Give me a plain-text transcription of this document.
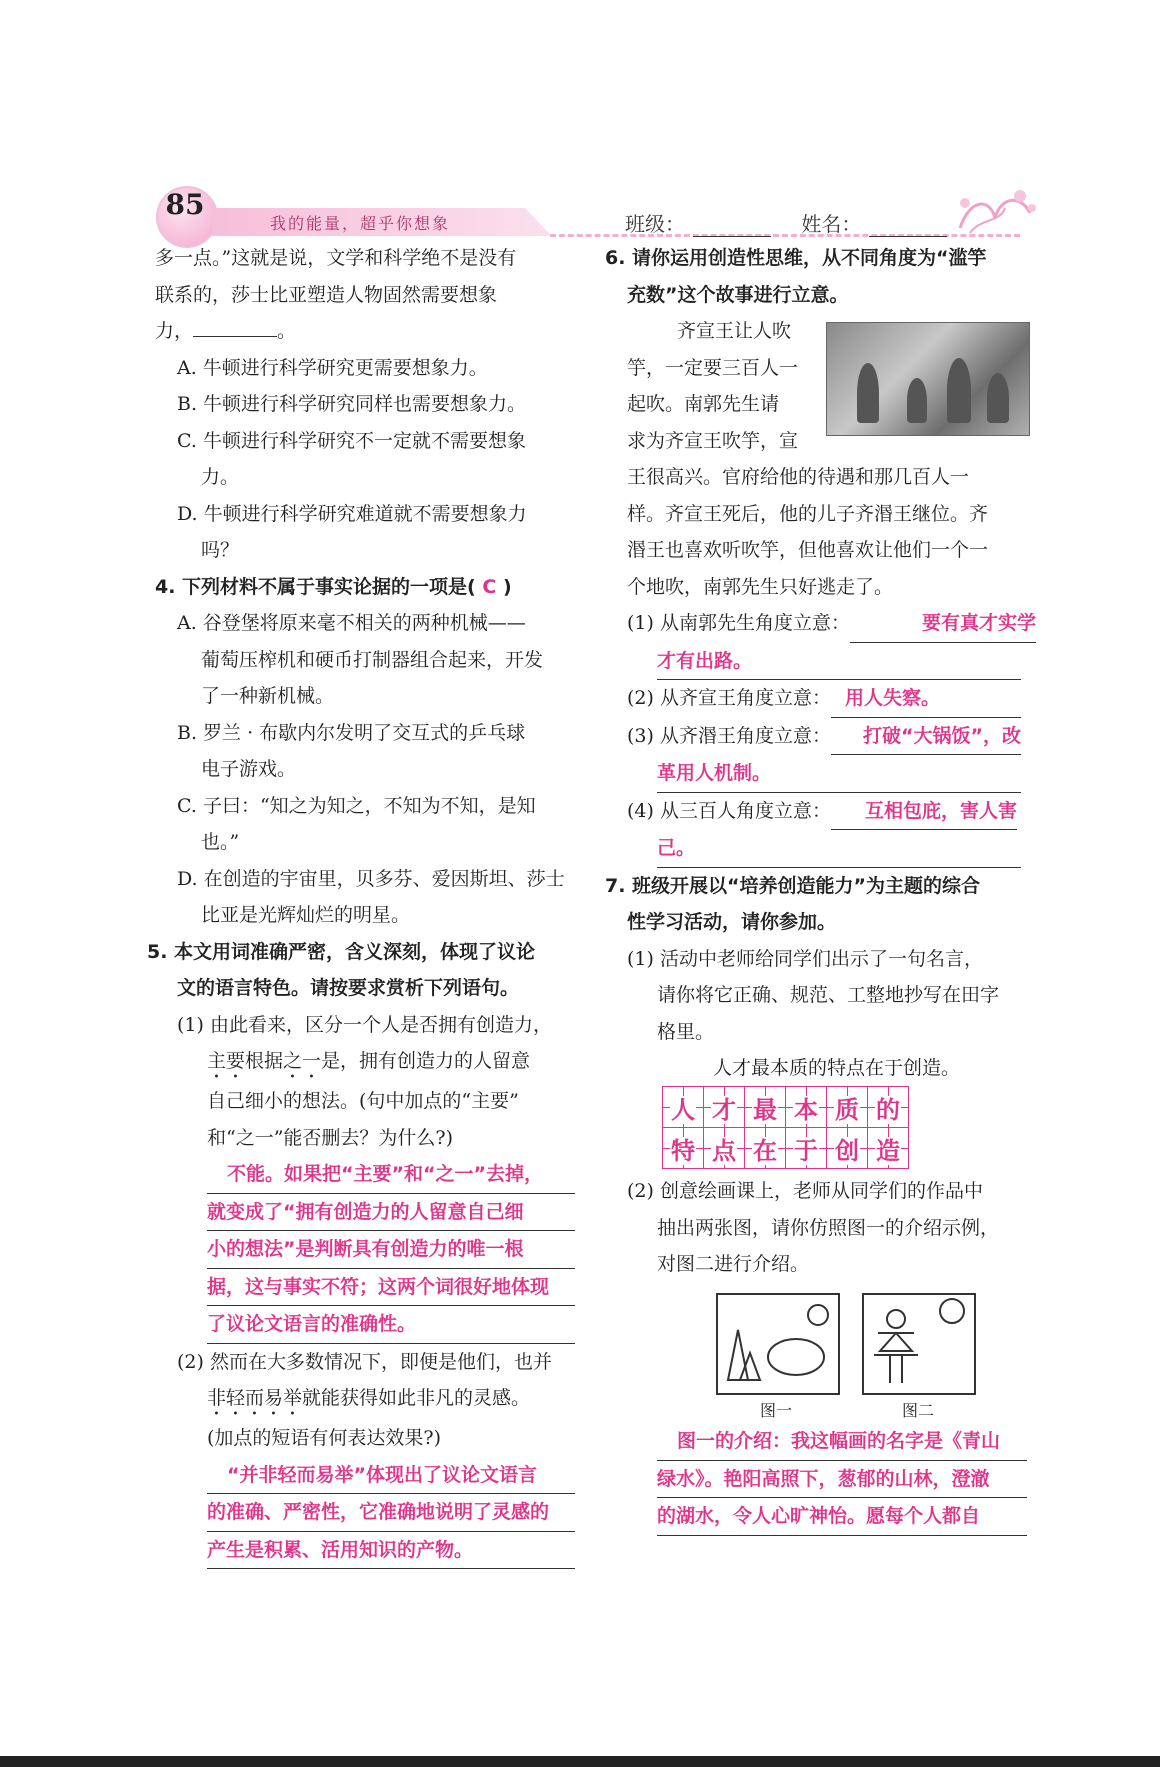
85
我的能量，超乎你想象	班级：	姓名：
多一点。”这就是说，文学和科学绝不是没有
联系的，莎士比亚塑造人物固然需要想象
力，	。
A. 牛顿进行科学研究更需要想象力。
B. 牛顿进行科学研究同样也需要想象力。
C. 牛顿进行科学研究不一定就不需要想象
力。
D. 牛顿进行科学研究难道就不需要想象力
吗？
4. 下列材料不属于事实论据的一项是( C )
A. 谷登堡将原来毫不相关的两种机械——
葡萄压榨机和硬币打制器组合起来，开发
了一种新机械。
B. 罗兰 · 布歇内尔发明了交互式的乒乓球
电子游戏。
C. 子曰：“知之为知之，不知为不知，是知
也。”
D. 在创造的宇宙里，贝多芬、爱因斯坦、莎士
比亚是光辉灿烂的明星。
5. 本文用词准确严密，含义深刻，体现了议论
文的语言特色。请按要求赏析下列语句。
(1) 由此看来，区分一个人是否拥有创造力，
主要根据之一是，拥有创造力的人留意
自己细小的想法。(句中加点的“主要”
和“之一”能否删去？为什么?)
不能。如果把“主要”和“之一”去掉，
就变成了“拥有创造力的人留意自己细
小的想法”是判断具有创造力的唯一根
据，这与事实不符；这两个词很好地体现
了议论文语言的准确性。
(2) 然而在大多数情况下，即便是他们，也并
非轻而易举就能获得如此非凡的灵感。
(加点的短语有何表达效果?)
“并非轻而易举”体现出了议论文语言
的准确、严密性，它准确地说明了灵感的
产生是积累、活用知识的产物。
6. 请你运用创造性思维，从不同角度为“滥竽
充数”这个故事进行立意。
齐宣王让人吹
竽，一定要三百人一
起吹。南郭先生请
求为齐宣王吹竽，宣
王很高兴。官府给他的待遇和那几百人一
样。齐宣王死后，他的儿子齐湣王继位。齐
湣王也喜欢听吹竽，但他喜欢让他们一个一
个地吹，南郭先生只好逃走了。
(1) 从南郭先生角度立意：	要有真才实学
才有出路。
(2) 从齐宣王角度立意： 用人失察。
(3) 从齐湣王角度立意： 打破“大锅饭”，改
革用人机制。
(4) 从三百人角度立意： 互相包庇，害人害
己。
7. 班级开展以“培养创造能力”为主题的综合
性学习活动，请你参加。
(1) 活动中老师给同学们出示了一句名言，
请你将它正确、规范、工整地抄写在田字
格里。
人才最本质的特点在于创造。
人	才	最	本	质	的
特	点	在	于	创	造
(2) 创意绘画课上，老师从同学们的作品中
抽出两张图，请你仿照图一的介绍示例，
对图二进行介绍。
图一	图二
图一的介绍：我这幅画的名字是《青山
绿水》。艳阳高照下，葱郁的山林，澄澈
的湖水，令人心旷神怡。愿每个人都自
